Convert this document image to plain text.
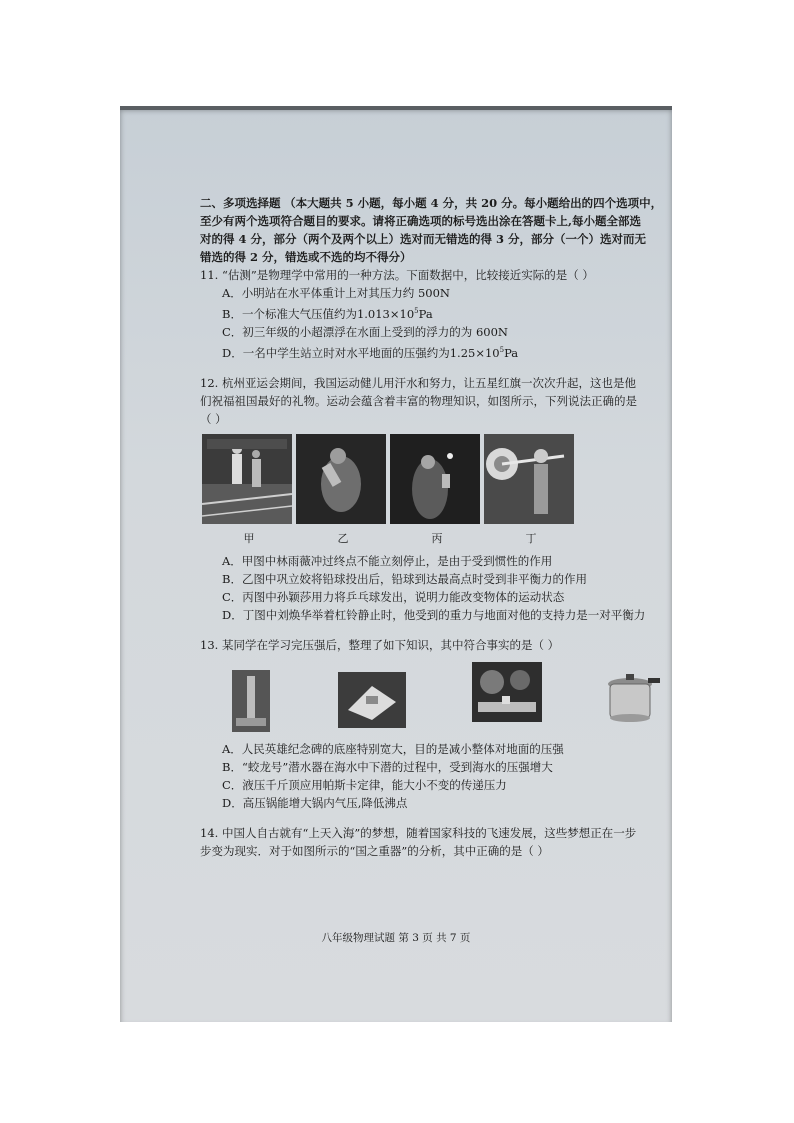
二、多项选择题 （本大题共 5 小题，每小题 4 分，共 20 分。每小题给出的四个选项中，
至少有两个选项符合题目的要求。请将正确选项的标号选出涂在答题卡上,每小题全部选
对的得 4 分，部分（两个及两个以上）选对而无错选的得 3 分，部分（一个）选对而无
错选的得 2 分，错选或不选的均不得分）
11. “估测”是物理学中常用的一种方法。下面数据中，比较接近实际的是（ ）
A．小明站在水平体重计上对其压力约 500N
B．一个标准大气压值约为$1.013\times 10^5Pa$
C．初三年级的小超漂浮在水面上受到的浮力的为 600N
D．一名中学生站立时对水平地面的压强约为$1.25\times 10^5Pa$
12. 杭州亚运会期间，我国运动健儿用汗水和努力，让五星红旗一次次升起，这也是他
们祝福祖国最好的礼物。运动会蕴含着丰富的物理知识，如图所示，下列说法正确的是
（ ）
甲	乙	丙	丁
A．甲图中林雨薇冲过终点不能立刻停止，是由于受到惯性的作用
B．乙图中巩立姣将铅球投出后，铅球到达最高点时受到非平衡力的作用
C．丙图中孙颖莎用力将乒乓球发出，说明力能改变物体的运动状态
D．丁图中刘焕华举着杠铃静止时，他受到的重力与地面对他的支持力是一对平衡力
13. 某同学在学习完压强后，整理了如下知识，其中符合事实的是（ ）
A．人民英雄纪念碑的底座特别宽大，目的是减小整体对地面的压强
B．“蛟龙号”潜水器在海水中下潜的过程中，受到海水的压强增大
C．液压千斤顶应用帕斯卡定律，能大小不变的传递压力
D．高压锅能增大锅内气压,降低沸点
14. 中国人自古就有“上天入海”的梦想，随着国家科技的飞速发展，这些梦想正在一步
步变为现实．对于如图所示的“国之重器”的分析，其中正确的是（ ）
八年级物理试题 第 3 页 共 7 页
